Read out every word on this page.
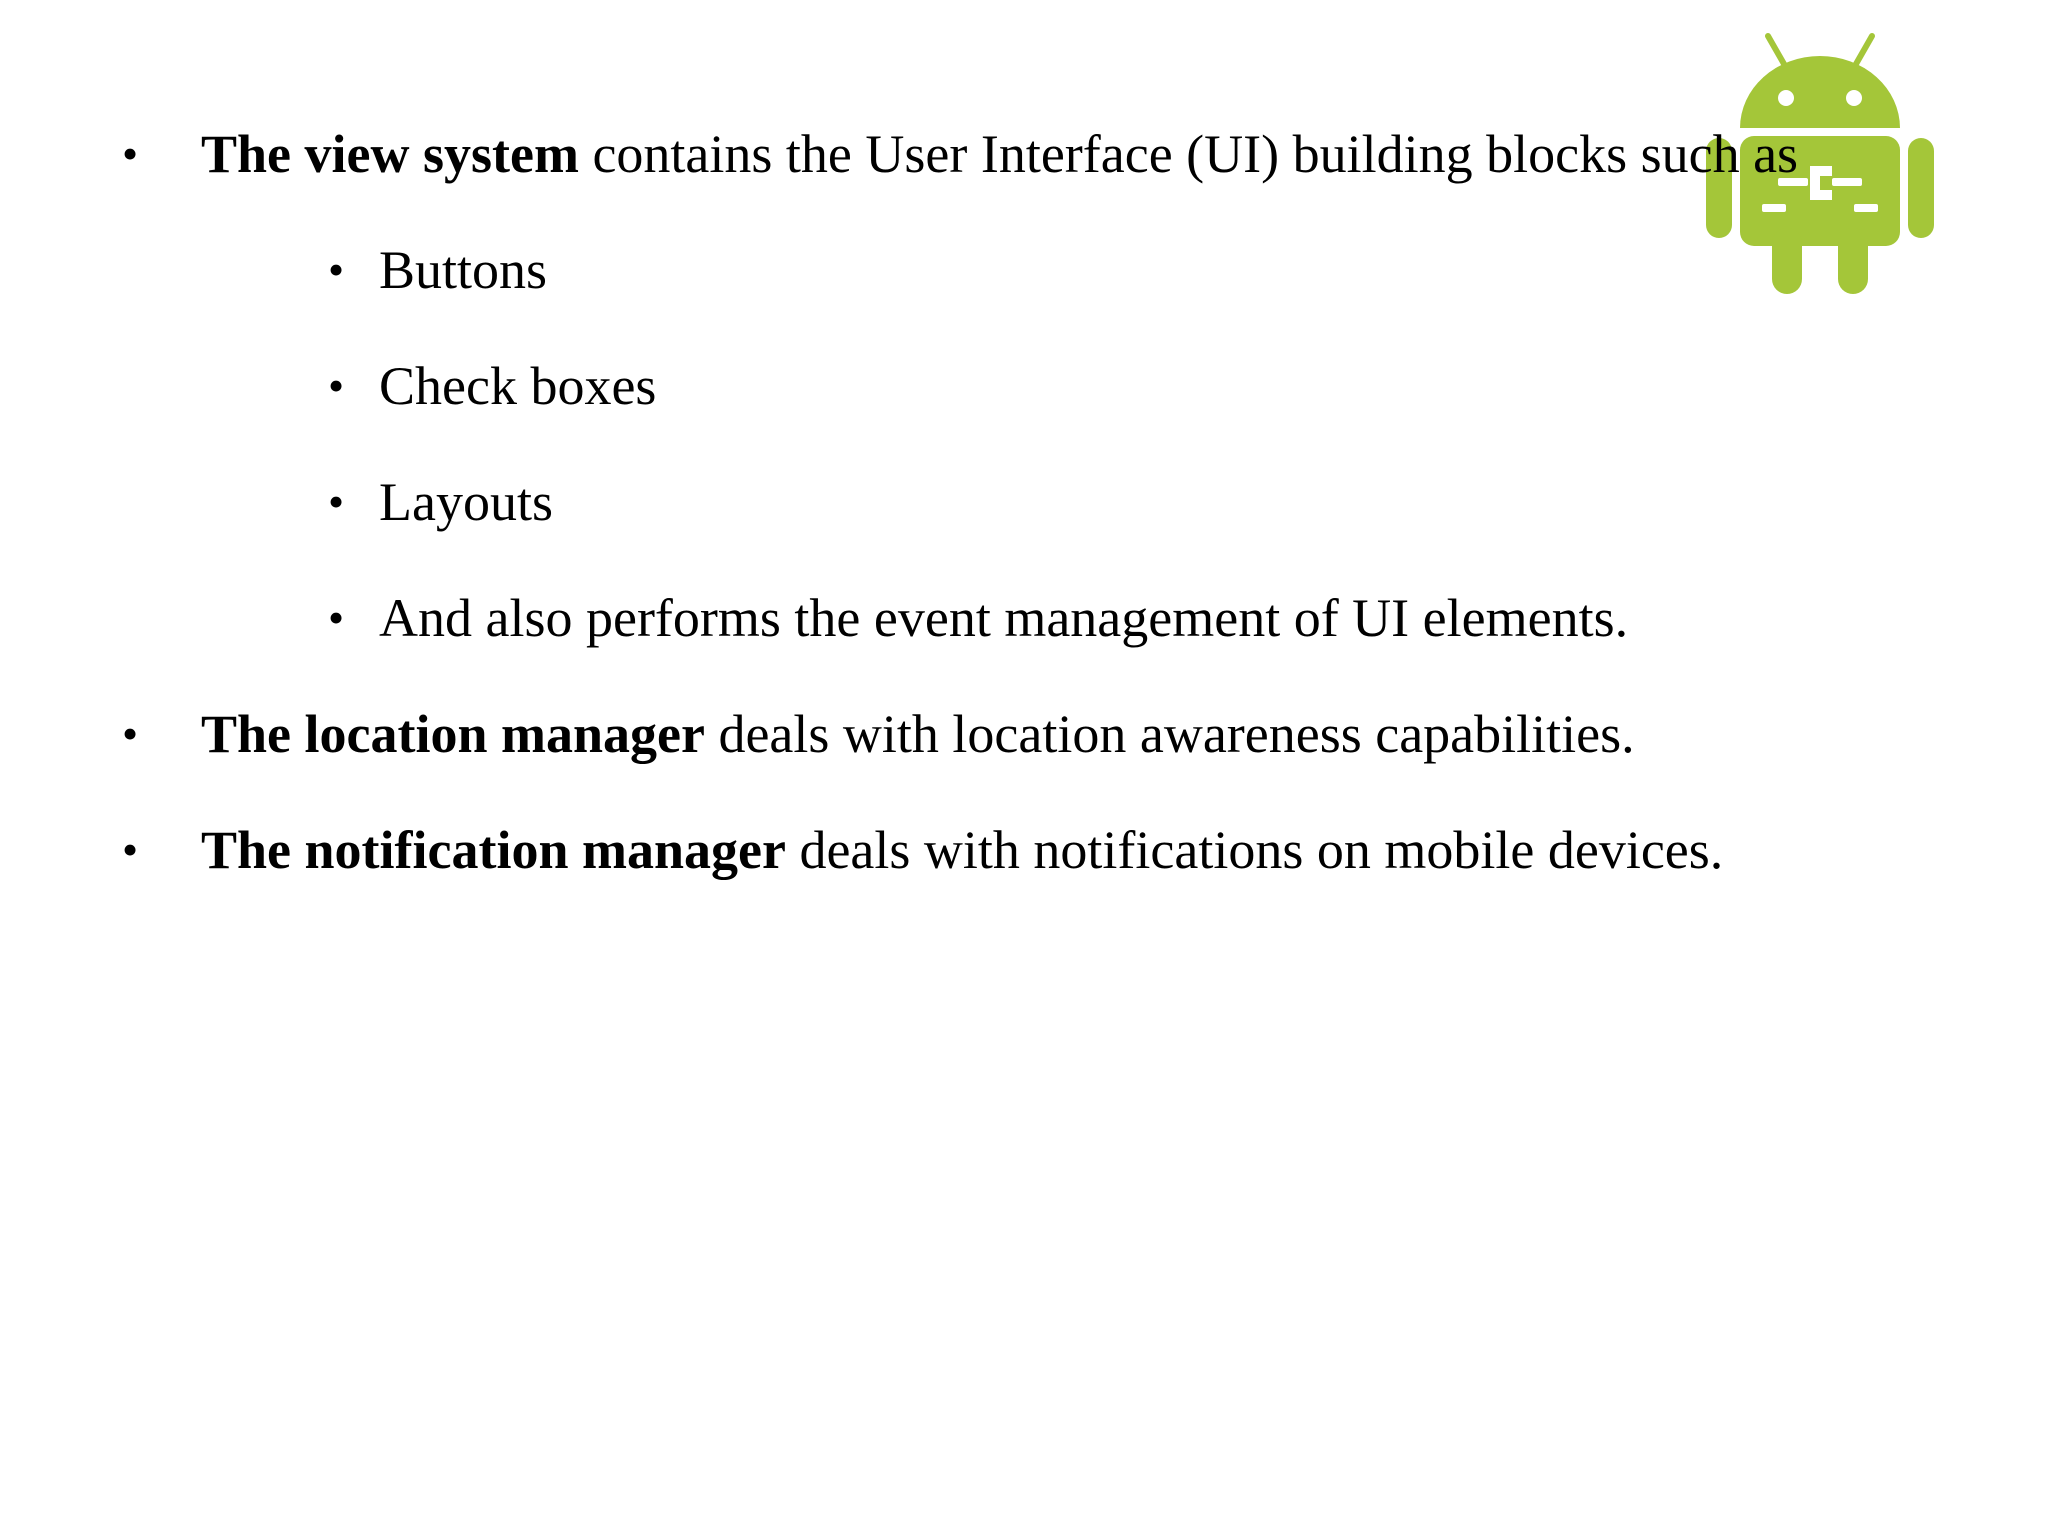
• The view system contains the User Interface (UI) building blocks such as
• Buttons
• Check boxes
• Layouts
• And also performs the event management of UI elements.
• The location manager deals with location awareness capabilities.
• The notification manager deals with notifications on mobile devices.
